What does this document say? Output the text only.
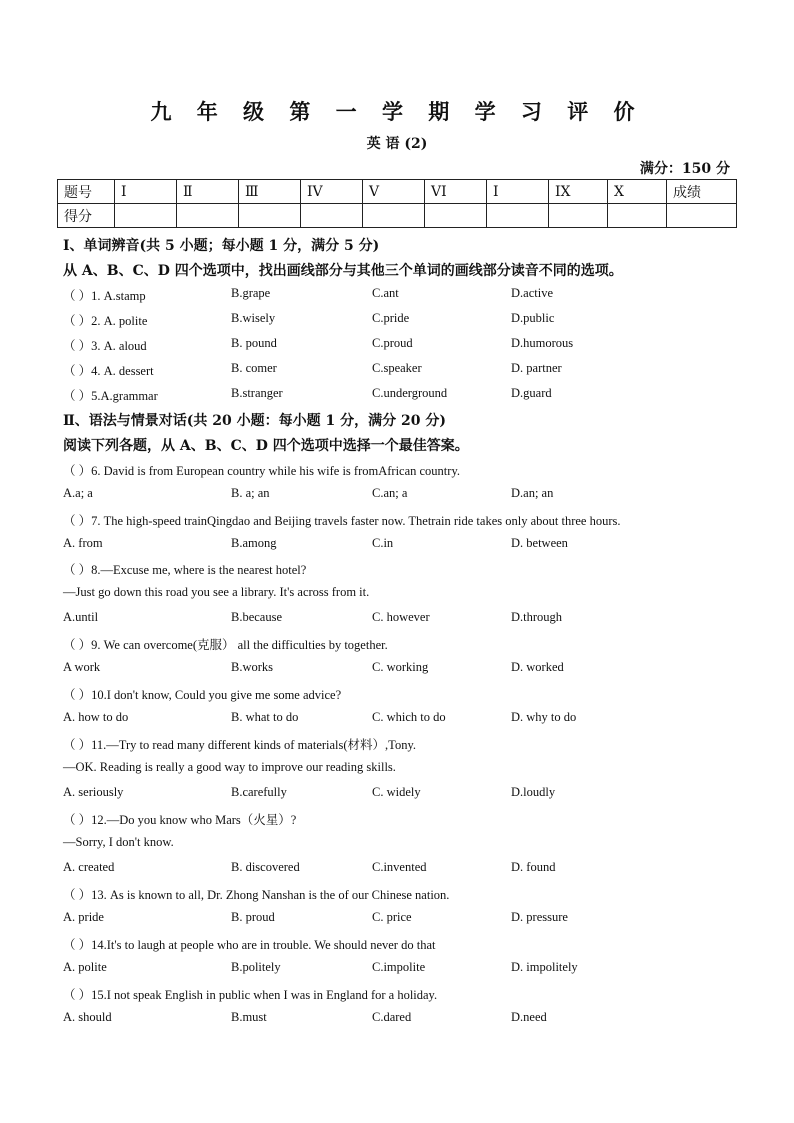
九 年 级 第 一 学 期 学 习 评 价
英 语 (2)
满分：150 分
题号	I	Ⅱ	Ⅲ	IV	V	VI	I	IX	X	成绩
得分										
Ⅰ、单词辨音(共 5 小题；每小题 1 分，满分 5 分)
从 A、B、C、D 四个选项中，找出画线部分与其他三个单词的画线部分读音不同的选项。
（ ）1. A.stamp	B.grape	C.ant	D.active
（ ）2. A. polite	B.wisely	C.pride	D.public
（ ）3. A. aloud	B. pound	C.proud	D.humorous
（ ）4. A. dessert	B. comer	C.speaker	D. partner
（ ）5.A.grammar	B.stranger	C.underground	D.guard
Ⅱ、语法与情景对话(共 20 小题：每小题 1 分，满分 20 分)
阅读下列各题，从 A、B、C、D 四个选项中选择一个最佳答案。
（ ）6. David is from European country while his wife is fromAfrican country.
A.a; a	B. a; an	C.an; a	D.an; an
（ ）7. The high-speed trainQingdao and Beijing travels faster now. Thetrain ride takes only about three hours.
A. from	B.among	C.in	D. between
（ ）8.—Excuse me, where is the nearest hotel?
—Just go down this road you see a library. It's across from it.
A.until	B.because	C. however	D.through
（ ）9. We can overcome(克服） all the difficulties by together.
A work	B.works	C. working	D. worked
（ ）10.I don't know, Could you give me some advice?
A. how to do	B. what to do	C. which to do	D. why to do
（ ）11.—Try to read many different kinds of materials(材料）,Tony.
—OK. Reading is really a good way to improve our reading skills.
A. seriously	B.carefully	C. widely	D.loudly
（ ）12.—Do you know who Mars（火星）?
—Sorry, I don't know.
A. created	B. discovered	C.invented	D. found
（ ）13. As is known to all, Dr. Zhong Nanshan is the of our Chinese nation.
A. pride	B. proud	C. price	D. pressure
（ ）14.It's to laugh at people who are in trouble. We should never do that
A. polite	B.politely	C.impolite	D. impolitely
（ ）15.I not speak English in public when I was in England for a holiday.
A. should	B.must	C.dared	D.need
